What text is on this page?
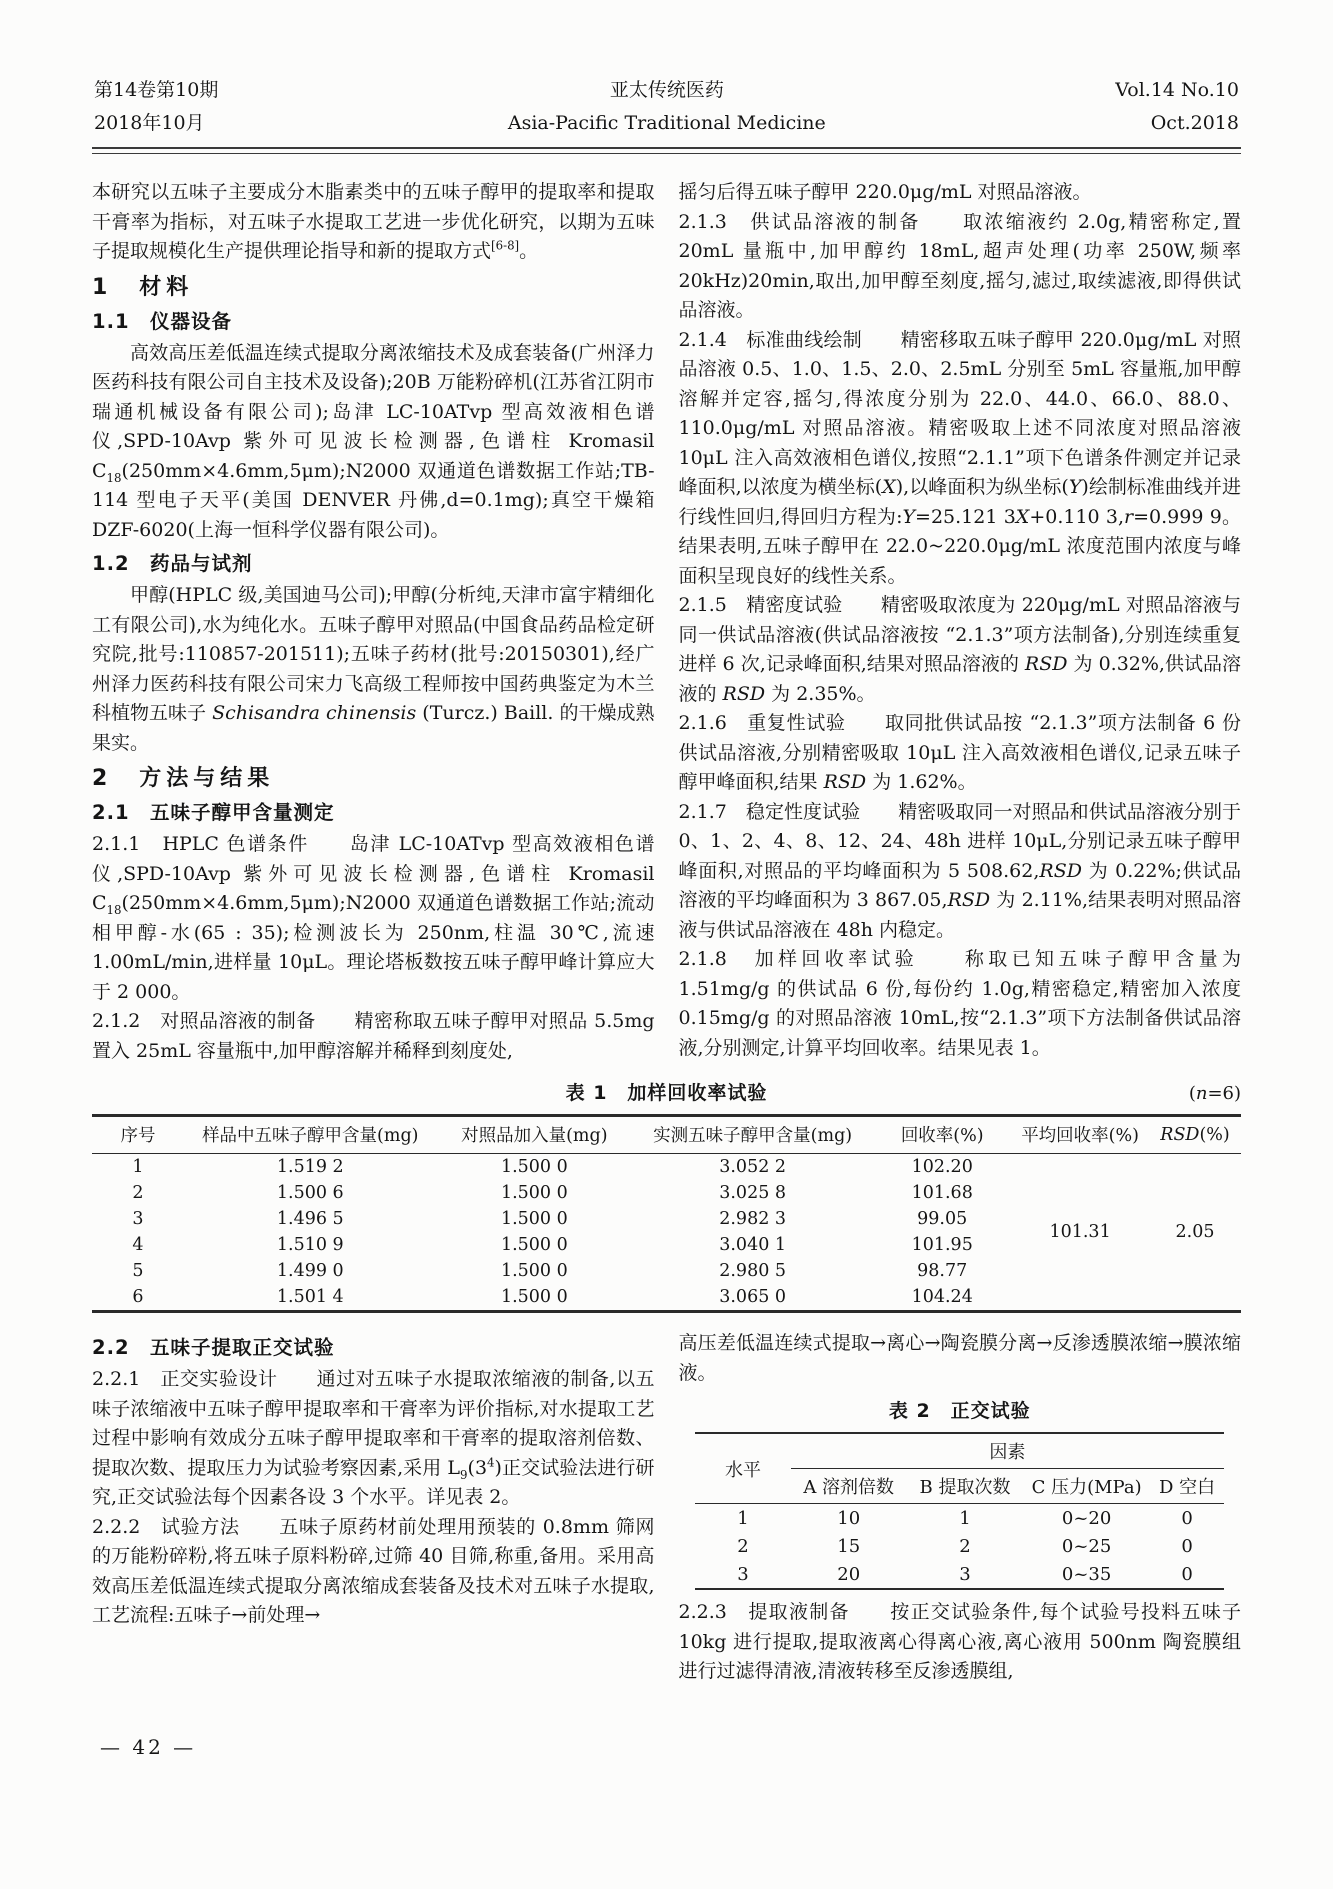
第14卷第10期
2018年10月
亚太传统医药
Asia-Pacific Traditional Medicine
Vol.14 No.10
Oct.2018

本研究以五味子主要成分木脂素类中的五味子醇甲的提取率和提取干膏率为指标，对五味子水提取工艺进一步优化研究，以期为五味子提取规模化生产提供理论指导和新的提取方式[6-8]。

1　材料
1.1　仪器设备

高效高压差低温连续式提取分离浓缩技术及成套装备(广州泽力医药科技有限公司自主技术及设备);20B 万能粉碎机(江苏省江阴市瑞通机械设备有限公司);岛津 LC-10ATvp 型高效液相色谱仪,SPD-10Avp 紫外可见波长检测器,色谱柱 Kromasil $C_{18}(250mm\times 4.6mm,5\mu m);N2000$ 双通道色谱数据工作站;TB-114 型电子天平(美国 DENVER 丹佛,d=0.1mg);真空干燥箱 DZF-6020(上海一恒科学仪器有限公司)。

1.2　药品与试剂

甲醇(HPLC 级,美国迪马公司);甲醇(分析纯,天津市富宇精细化工有限公司),水为纯化水。五味子醇甲对照品(中国食品药品检定研究院,批号:110857-201511);五味子药材(批号:20150301),经广州泽力医药科技有限公司宋力飞高级工程师按中国药典鉴定为木兰科植物五味子 Schisandra chinensis (Turcz.) Baill. 的干燥成熟果实。

2　方法与结果
2.1　五味子醇甲含量测定

2.1.1　HPLC 色谱条件　　岛津 LC-10ATvp 型高效液相色谱仪,SPD-10Avp 紫外可见波长检测器,色谱柱 Kromasil $C_{18}(250mm\times 4.6mm,5\mu m);N2000$ 双通道色谱数据工作站;流动相甲醇-水(65 : 35);检测波长为 250nm,柱温 30℃,流速 1.00mL/min,进样量 10μL。理论塔板数按五味子醇甲峰计算应大于 2 000。

2.1.2　对照品溶液的制备　　精密称取五味子醇甲对照品 5.5mg 置入 25mL 容量瓶中,加甲醇溶解并稀释到刻度处,

摇匀后得五味子醇甲 220.0μg/mL 对照品溶液。

2.1.3　供试品溶液的制备　　取浓缩液约 2.0g,精密称定,置 20mL 量瓶中,加甲醇约 18mL,超声处理(功率 250W,频率 20kHz)20min,取出,加甲醇至刻度,摇匀,滤过,取续滤液,即得供试品溶液。

2.1.4　标准曲线绘制　　精密移取五味子醇甲 220.0μg/mL 对照品溶液 0.5、1.0、1.5、2.0、2.5mL 分别至 5mL 容量瓶,加甲醇溶解并定容,摇匀,得浓度分别为 22.0、44.0、66.0、88.0、110.0μg/mL 对照品溶液。精密吸取上述不同浓度对照品溶液 10μL 注入高效液相色谱仪,按照“2.1.1”项下色谱条件测定并记录峰面积,以浓度为横坐标(X),以峰面积为纵坐标(Y)绘制标准曲线并进行线性回归,得回归方程为:Y=25.121 3X+0.110 3,r=0.999 9。结果表明,五味子醇甲在 22.0~220.0μg/mL 浓度范围内浓度与峰面积呈现良好的线性关系。

2.1.5　精密度试验　　精密吸取浓度为 220μg/mL 对照品溶液与同一供试品溶液(供试品溶液按 “2.1.3”项方法制备),分别连续重复进样 6 次,记录峰面积,结果对照品溶液的 RSD 为 0.32%,供试品溶液的 RSD 为 2.35%。

2.1.6　重复性试验　　取同批供试品按 “2.1.3”项方法制备 6 份供试品溶液,分别精密吸取 10μL 注入高效液相色谱仪,记录五味子醇甲峰面积,结果 RSD 为 1.62%。

2.1.7　稳定性度试验　　精密吸取同一对照品和供试品溶液分别于 0、1、2、4、8、12、24、48h 进样 10μL,分别记录五味子醇甲峰面积,对照品的平均峰面积为 5 508.62,RSD 为 0.22%;供试品溶液的平均峰面积为 3 867.05,RSD 为 2.11%,结果表明对照品溶液与供试品溶液在 48h 内稳定。

2.1.8　加样回收率试验　　称取已知五味子醇甲含量为 1.51mg/g 的供试品 6 份,每份约 1.0g,精密稳定,精密加入浓度 0.15mg/g 的对照品溶液 10mL,按“2.1.3”项下方法制备供试品溶液,分别测定,计算平均回收率。结果见表 1。

表 1　加样回收率试验	(n=6)
序号	样品中五味子醇甲含量(mg)	对照品加入量(mg)	实测五味子醇甲含量(mg)	回收率(%)	平均回收率(%)	RSD(%)
1	1.519 2	1.500 0	3.052 2	102.20	101.31	2.05
2	1.500 6	1.500 0	3.025 8	101.68		
3	1.496 5	1.500 0	2.982 3	99.05		
4	1.510 9	1.500 0	3.040 1	101.95		
5	1.499 0	1.500 0	2.980 5	98.77		
6	1.501 4	1.500 0	3.065 0	104.24		
2.2　五味子提取正交试验

2.2.1　正交实验设计　　通过对五味子水提取浓缩液的制备,以五味子浓缩液中五味子醇甲提取率和干膏率为评价指标,对水提取工艺过程中影响有效成分五味子醇甲提取率和干膏率的提取溶剂倍数、提取次数、提取压力为试验考察因素,采用 $L_9(3^4)$正交试验法进行研究,正交试验法每个因素各设 3 个水平。详见表 2。

2.2.2　试验方法　　五味子原药材前处理用预装的 0.8mm 筛网的万能粉碎粉,将五味子原料粉碎,过筛 40 目筛,称重,备用。采用高效高压差低温连续式提取分离浓缩成套装备及技术对五味子水提取,工艺流程:五味子→前处理→

高压差低温连续式提取→离心→陶瓷膜分离→反渗透膜浓缩→膜浓缩液。

表 2　正交试验
水平	因素			
	A 溶剂倍数	B 提取次数	C 压力(MPa)	D 空白
1	10	1	0~20	0
2	15	2	0~25	0
3	20	3	0~35	0

2.2.3　提取液制备　　按正交试验条件,每个试验号投料五味子 10kg 进行提取,提取液离心得离心液,离心液用 500nm 陶瓷膜组进行过滤得清液,清液转移至反渗透膜组,

— 42 —
